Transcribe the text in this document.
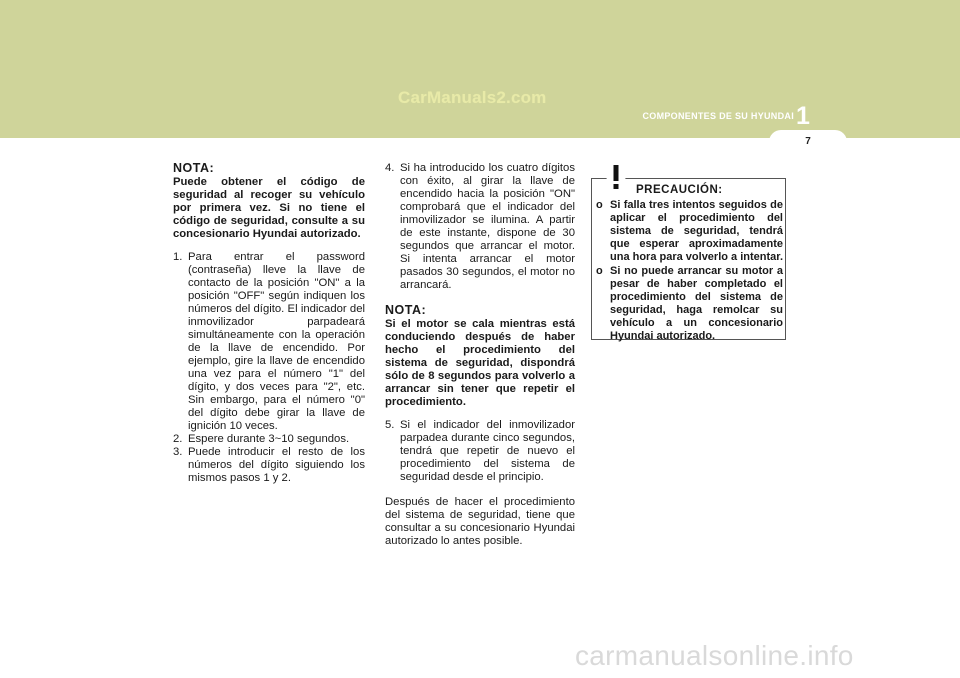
CarManuals2.com
COMPONENTES DE SU HYUNDAI 1
7
NOTA:
Puede obtener el código de seguridad al recoger su vehículo por primera vez. Si no tiene el código de seguridad, consulte a su concesionario Hyundai autorizado.
1. Para entrar el password (contraseña) lleve la llave de contacto de la posición "ON" a la posición "OFF" según indiquen los números del dígito. El indicador del inmovilizador parpadeará simultáneamente con la operación de la llave de encendido. Por ejemplo, gire la llave de encendido una vez para el número "1" del dígito, y dos veces para "2", etc. Sin embargo, para el número "0" del dígito debe girar la llave de ignición 10 veces.
2. Espere durante 3~10 segundos.
3. Puede introducir el resto de los números del dígito siguiendo los mismos pasos 1 y 2.
4. Si ha introducido los cuatro dígitos con éxito, al girar la llave de encendido hacia la posición "ON" comprobará que el indicador del inmovilizador se ilumina. A partir de este instante, dispone de 30 segundos que arrancar el motor. Si intenta arrancar el motor pasados 30 segundos, el motor no arrancará.
NOTA:
Si el motor se cala mientras está conduciendo después de haber hecho el procedimiento del sistema de seguridad, dispondrá sólo de 8 segundos para volverlo a arrancar sin tener que repetir el procedimiento.
5. Si el indicador del inmovilizador parpadea durante cinco segundos, tendrá que repetir de nuevo el procedimiento del sistema de seguridad desde el principio.

Después de hacer el procedimiento del sistema de seguridad, tiene que consultar a su concesionario Hyundai autorizado lo antes posible.

PRECAUCIÓN:
o Si falla tres intentos seguidos de aplicar el procedimiento del sistema de seguridad, tendrá que esperar aproximadamente una hora para volverlo a intentar.
o Si no puede arrancar su motor a pesar de haber completado el procedimiento del sistema de seguridad, haga remolcar su vehículo a un concesionario Hyundai autorizado.
carmanualsonline.info
